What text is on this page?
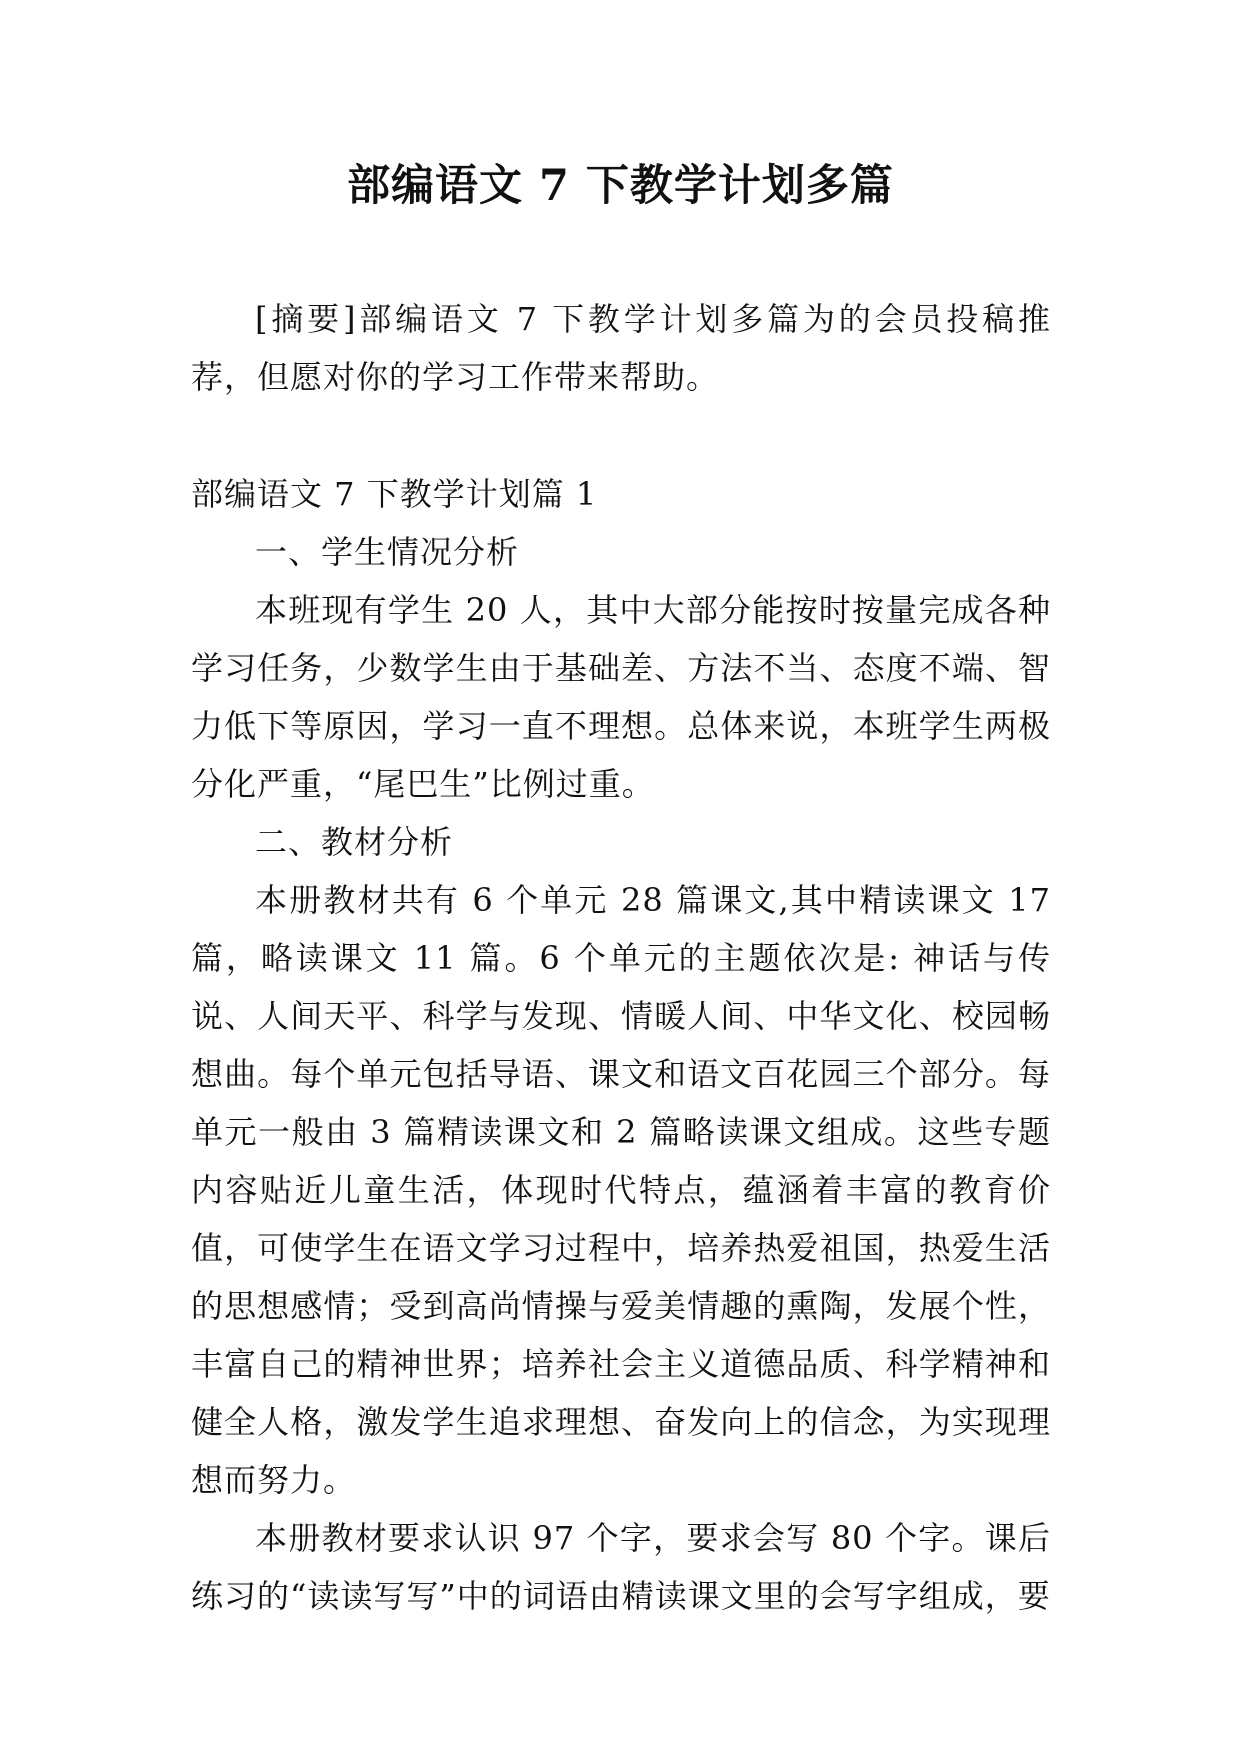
部编语文 7 下教学计划多篇

[摘要]部编语文 7 下教学计划多篇为的会员投稿推荐，但愿对你的学习工作带来帮助。

部编语文 7 下教学计划篇 1

一、学生情况分析

本班现有学生 20 人，其中大部分能按时按量完成各种学习任务，少数学生由于基础差、方法不当、态度不端、智力低下等原因，学习一直不理想。总体来说，本班学生两极分化严重，“尾巴生”比例过重。

二、教材分析

本册教材共有 6 个单元 28 篇课文,其中精读课文 17 篇，略读课文 11 篇。6 个单元的主题依次是: 神话与传说、人间天平、科学与发现、情暖人间、中华文化、校园畅想曲。每个单元包括导语、课文和语文百花园三个部分。每单元一般由 3 篇精读课文和 2 篇略读课文组成。这些专题内容贴近儿童生活，体现时代特点，蕴涵着丰富的教育价值，可使学生在语文学习过程中，培养热爱祖国，热爱生活的思想感情；受到高尚情操与爱美情趣的熏陶，发展个性，丰富自己的精神世界；培养社会主义道德品质、科学精神和健全人格，激发学生追求理想、奋发向上的信念，为实现理想而努力。

本册教材要求认识 97 个字，要求会写 80 个字。课后练习的“读读写写”中的词语由精读课文里的会写字组成，要
